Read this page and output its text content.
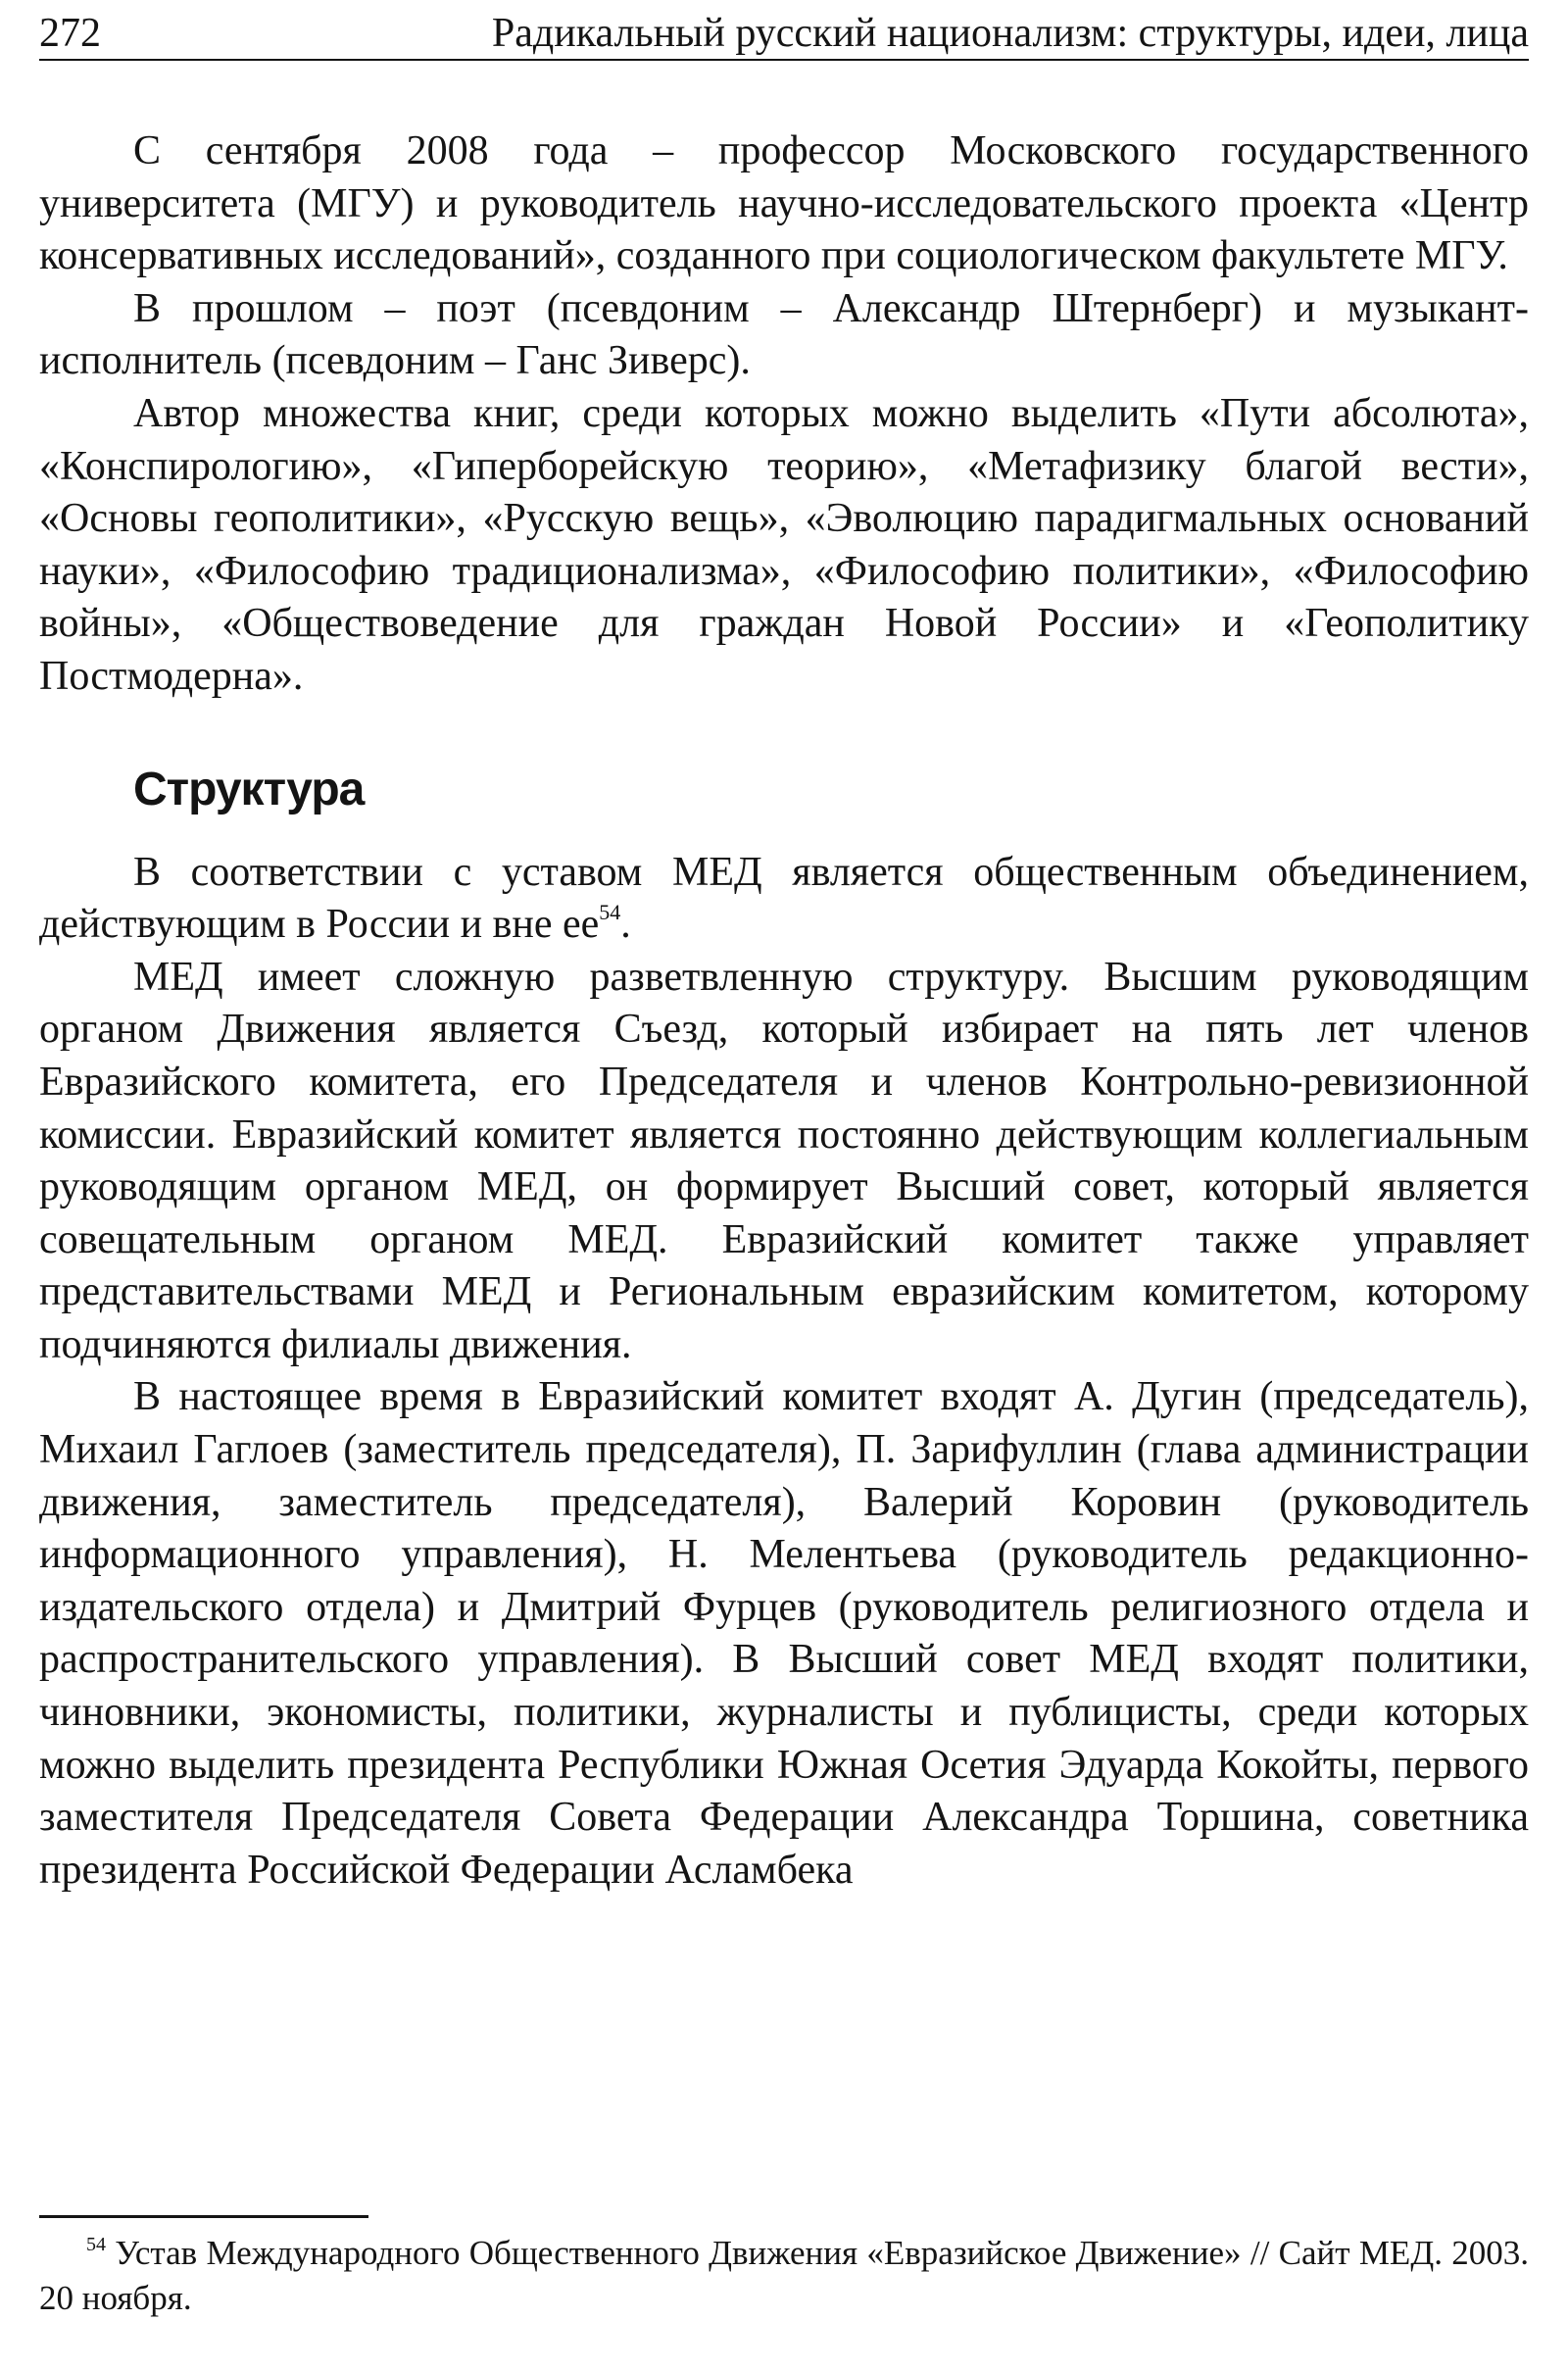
272	Радикальный русский национализм: структуры, идеи, лица

С сентября 2008 года – профессор Московского государственного университета (МГУ) и руководитель научно-исследовательского проекта «Центр консервативных исследований», созданного при социологическом факультете МГУ.

В прошлом – поэт (псевдоним – Александр Штернберг) и музыкант-исполнитель (псевдоним – Ганс Зиверс).

Автор множества книг, среди которых можно выделить «Пути абсолюта», «Конспирологию», «Гиперборейскую теорию», «Метафизику благой вести», «Основы геополитики», «Русскую вещь», «Эволюцию парадигмальных оснований науки», «Философию традиционализма», «Философию политики», «Философию войны», «Обществоведение для граждан Новой России» и «Геополитику Постмодерна».

Структура

В соответствии с уставом МЕД является общественным объединением, действующим в России и вне $ее^{54}$.

МЕД имеет сложную разветвленную структуру. Высшим руководящим органом Движения является Съезд, который избирает на пять лет членов Евразийского комитета, его Председателя и членов Контрольно-ревизионной комиссии. Евразийский комитет является постоянно действующим коллегиальным руководящим органом МЕД, он формирует Высший совет, который является совещательным органом МЕД. Евразийский комитет также управляет представительствами МЕД и Региональным евразийским комитетом, которому подчиняются филиалы движения.

В настоящее время в Евразийский комитет входят А. Дугин (председатель), Михаил Гаглоев (заместитель председателя), П. Зарифуллин (глава администрации движения, заместитель председателя), Валерий Коровин (руководитель информационного управления), Н. Мелентьева (руководитель редакционно-издательского отдела) и Дмитрий Фурцев (руководитель религиозного отдела и распространительского управления). В Высший совет МЕД входят политики, чиновники, экономисты, политики, журналисты и публицисты, среди которых можно выделить президента Республики Южная Осетия Эдуарда Кокойты, первого заместителя Председателя Совета Федерации Александра Торшина, советника президента Российской Федерации Асламбека

$^{54}$ Устав Международного Общественного Движения «Евразийское Движение» // Сайт МЕД. 2003. 20 ноября.
